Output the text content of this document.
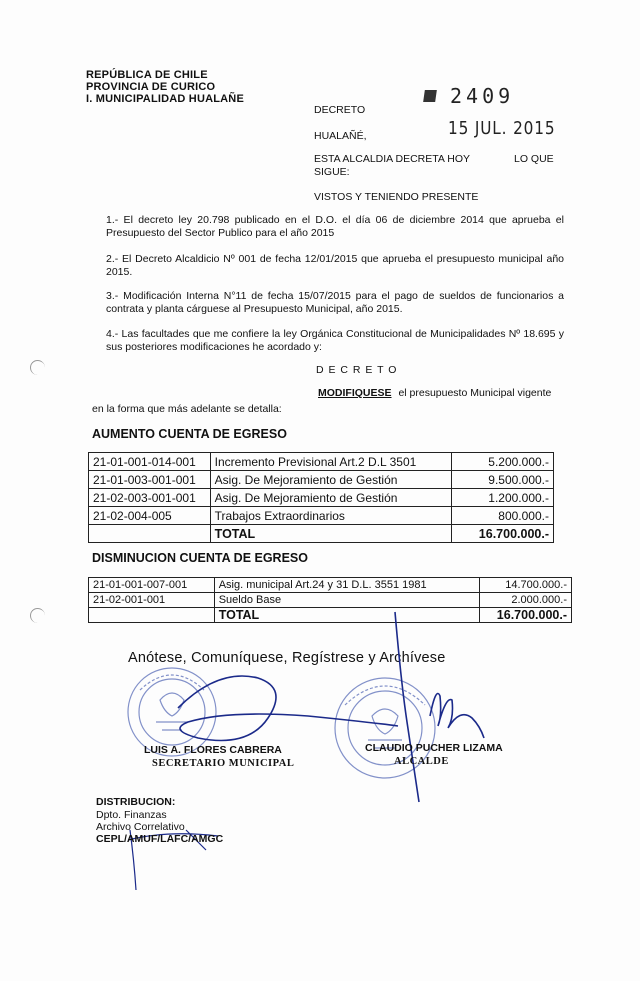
REPÚBLICA DE CHILE
PROVINCIA DE CURICO
I. MUNICIPALIDAD HUALAÑE
DECRETO
2409
HUALAÑÉ,	15 JUL. 2015
ESTA ALCALDIA DECRETA HOY	LO QUE
SIGUE:
VISTOS Y TENIENDO PRESENTE
1.- El decreto ley 20.798 publicado en el D.O. el día 06 de diciembre 2014 que aprueba el Presupuesto del Sector Publico para el año 2015
2.- El Decreto Alcaldicio Nº 001 de fecha 12/01/2015 que aprueba el presupuesto municipal año 2015.
3.- Modificación Interna N°11 de fecha 15/07/2015 para el pago de sueldos de funcionarios a contrata y planta cárguese al Presupuesto Municipal, año 2015.
4.- Las facultades que me confiere la ley Orgánica Constitucional de Municipalidades Nº 18.695 y sus posteriores modificaciones he acordado y:
D E C R E T O
MODIFIQUESE el presupuesto Municipal vigente
en la forma que más adelante se detalla:
AUMENTO CUENTA DE EGRESO
21-01-001-014-001	Incremento Previsional Art.2 D.L 3501	5.200.000.-
21-01-003-001-001	Asig. De Mejoramiento de Gestión	9.500.000.-
21-02-003-001-001	Asig. De Mejoramiento de Gestión	1.200.000.-
21-02-004-005	Trabajos Extraordinarios	800.000.-
	TOTAL	16.700.000.-
DISMINUCION CUENTA DE EGRESO
21-01-001-007-001	Asig. municipal Art.24 y 31 D.L. 3551 1981	14.700.000.-
21-02-001-001	Sueldo Base	2.000.000.-
	TOTAL	16.700.000.-
Anótese, Comuníquese, Regístrese y Archívese
LUIS A. FLORES CABRERA
SECRETARIO MUNICIPAL
CLAUDIO PUCHER LIZAMA
ALCALDE
DISTRIBUCION:
Dpto. Finanzas
Archivo Correlativo
CEPL/AMUF/LAFC/AMGC
